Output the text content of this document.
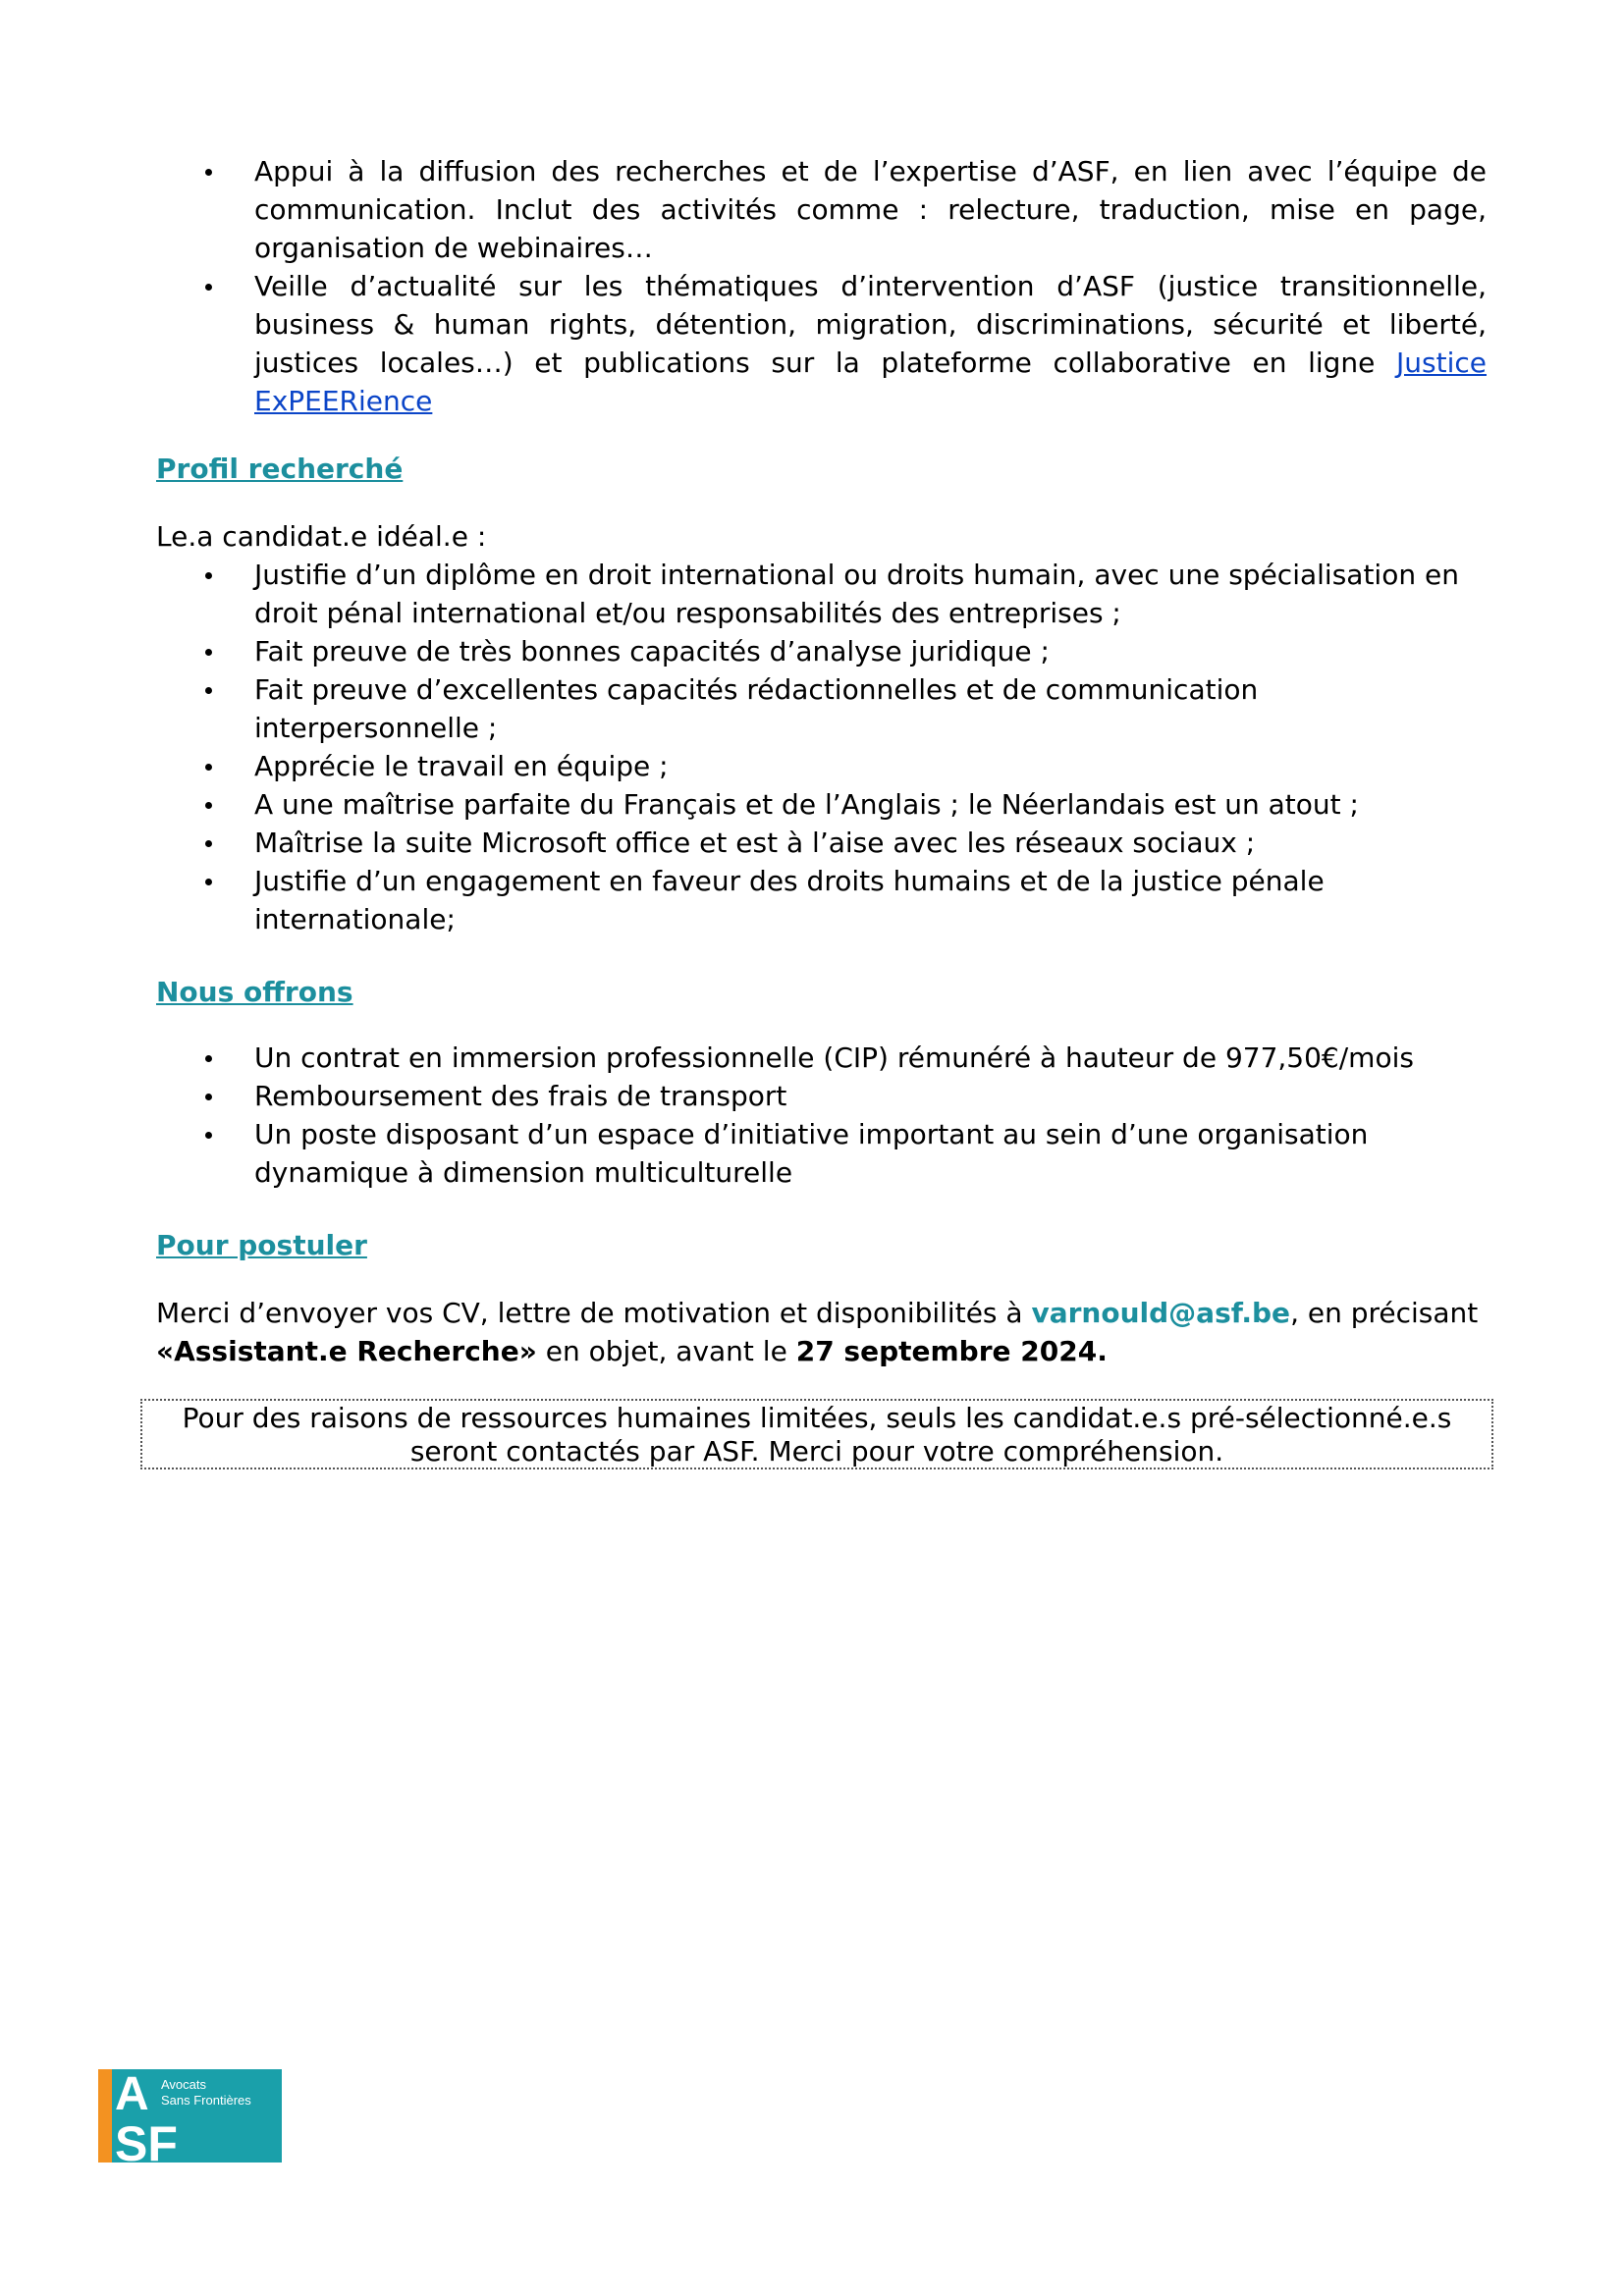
Appui à la diffusion des recherches et de l’expertise d’ASF, en lien avec l’équipe de communication. Inclut des activités comme : relecture, traduction, mise en page, organisation de webinaires…
Veille d’actualité sur les thématiques d’intervention d’ASF (justice transitionnelle, business & human rights, détention, migration, discriminations, sécurité et liberté, justices locales…) et publications sur la plateforme collaborative en ligne Justice ExPEERience
Profil recherché

Le.a candidat.e idéal.e :

Justifie d’un diplôme en droit international ou droits humain, avec une spécialisation en droit pénal international et/ou responsabilités des entreprises ;
Fait preuve de très bonnes capacités d’analyse juridique ;
Fait preuve d’excellentes capacités rédactionnelles et de communication interpersonnelle ;
Apprécie le travail en équipe ;
A une maîtrise parfaite du Français et de l’Anglais ; le Néerlandais est un atout ;
Maîtrise la suite Microsoft office et est à l’aise avec les réseaux sociaux ;
Justifie d’un engagement en faveur des droits humains et de la justice pénale internationale;
Nous offrons
Un contrat en immersion professionnelle (CIP) rémunéré à hauteur de 977,50€/mois
Remboursement des frais de transport
Un poste disposant d’un espace d’initiative important au sein d’une organisation dynamique à dimension multiculturelle
Pour postuler

Merci d’envoyer vos CV, lettre de motivation et disponibilités à varnould@asf.be, en précisant «Assistant.e Recherche» en objet, avant le 27 septembre 2024.

Pour des raisons de ressources humaines limitées, seuls les candidat.e.s pré-sélectionné.e.s
seront contactés par ASF. Merci pour votre compréhension.
A Avocats
Sans Frontières
SF
